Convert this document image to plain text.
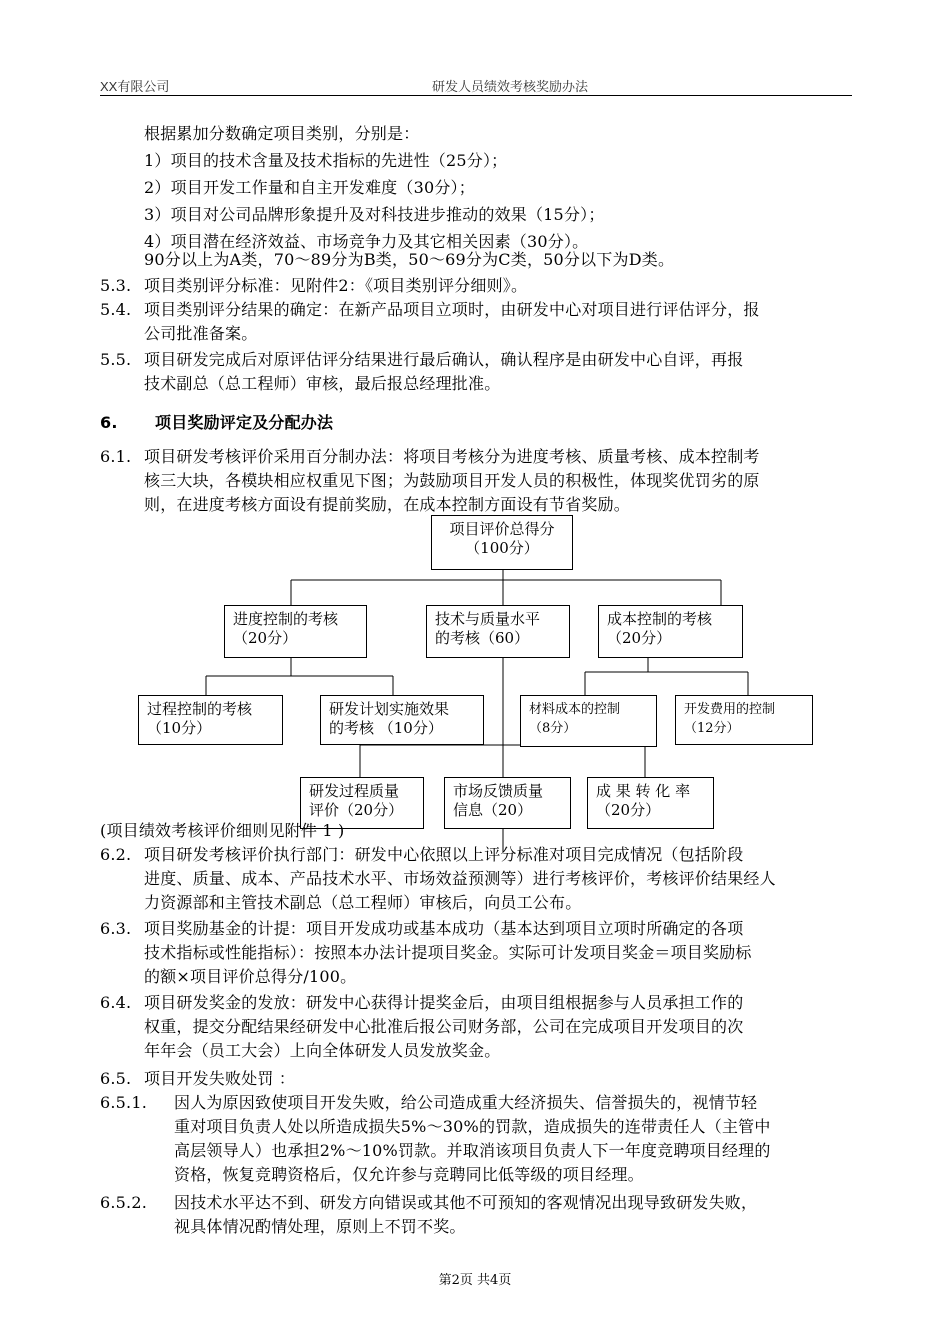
XX有限公司	研发人员绩效考核奖励办法
根据累加分数确定项目类别，分别是：
1）项目的技术含量及技术指标的先进性（25分）；
2）项目开发工作量和自主开发难度（30分）；
3）项目对公司品牌形象提升及对科技进步推动的效果（15分）；
4）项目潜在经济效益、市场竞争力及其它相关因素（30分）。
90分以上为A类，70～89分为B类，50～69分为C类，50分以下为D类。
5.3. 项目类别评分标准：见附件2：《项目类别评分细则》。
5.4. 项目类别评分结果的确定：在新产品项目立项时，由研发中心对项目进行评估评分，报
公司批准备案。
5.5. 项目研发完成后对原评估评分结果进行最后确认，确认程序是由研发中心自评，再报
技术副总（总工程师）审核，最后报总经理批准。
6. 项目奖励评定及分配办法
6.1. 项目研发考核评价采用百分制办法：将项目考核分为进度考核、质量考核、成本控制考
核三大块，各模块相应权重见下图；为鼓励项目开发人员的积极性，体现奖优罚劣的原
则，在进度考核方面设有提前奖励，在成本控制方面设有节省奖励。
项目评价总得分
（100分）
进度控制的考核
（20分）
技术与质量水平
的考核（60）
成本控制的考核
（20分）
过程控制的考核
（10分）
研发计划实施效果
的考核 （10分）
材料成本的控制
（8分）
开发费用的控制
（12分）
研发过程质量
评价（20分）
市场反馈质量
信息（20）
成 果 转 化 率
（20分）
(项目绩效考核评价细则见附件 1 )
6.2. 项目研发考核评价执行部门：研发中心依照以上评分标准对项目完成情况（包括阶段
进度、质量、成本、产品技术水平、市场效益预测等）进行考核评价，考核评价结果经人
力资源部和主管技术副总（总工程师）审核后，向员工公布。
6.3. 项目奖励基金的计提：项目开发成功或基本成功（基本达到项目立项时所确定的各项
技术指标或性能指标）：按照本办法计提项目奖金。实际可计发项目奖金＝项目奖励标
的额×项目评价总得分/100。
6.4. 项目研发奖金的发放：研发中心获得计提奖金后，由项目组根据参与人员承担工作的
权重，提交分配结果经研发中心批准后报公司财务部，公司在完成项目开发项目的次
年年会（员工大会）上向全体研发人员发放奖金。
6.5. 项目开发失败处罚 ：
6.5.1. 因人为原因致使项目开发失败，给公司造成重大经济损失、信誉损失的，视情节轻
重对项目负责人处以所造成损失5%～30%的罚款，造成损失的连带责任人（主管中
高层领导人）也承担2%～10%罚款。并取消该项目负责人下一年度竞聘项目经理的
资格，恢复竞聘资格后，仅允许参与竞聘同比低等级的项目经理。
6.5.2. 因技术水平达不到、研发方向错误或其他不可预知的客观情况出现导致研发失败，
视具体情况酌情处理，原则上不罚不奖。
第2页 共4页
